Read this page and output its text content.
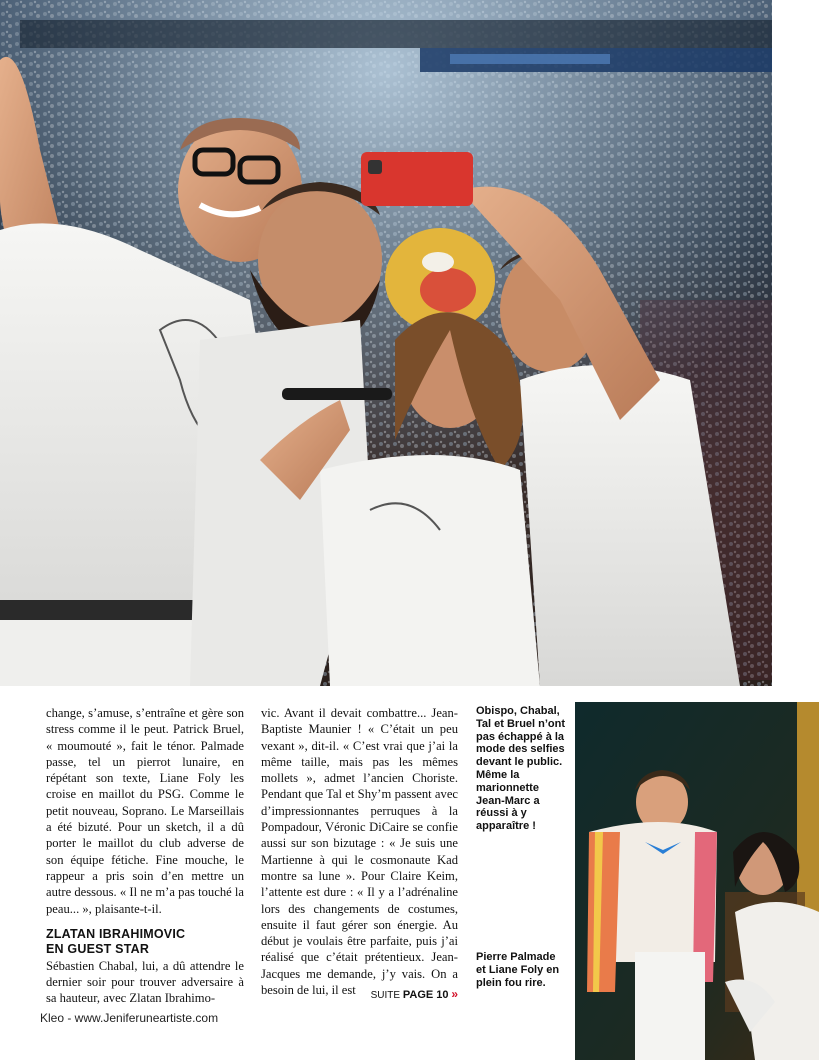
change, s’amuse, s’entraîne et gère son stress comme il le peut. Patrick Bruel, « moumouté », fait le ténor. Palmade passe, tel un pierrot lunaire, en répétant son texte, Liane Foly les croise en maillot du PSG. Comme le petit nouveau, Soprano. Le Marseillais a été bizuté. Pour un sketch, il a dû porter le maillot du club adverse de son équipe fétiche. Fine mouche, le rappeur a pris soin d’en mettre un autre dessous. « Il ne m’a pas touché la peau... », plaisante-t-il.

ZLATAN IBRAHIMOVIC
EN GUEST STAR

Sébastien Chabal, lui, a dû attendre le dernier soir pour trouver adversaire à sa hauteur, avec Zlatan Ibrahimo-

vic. Avant il devait combattre... Jean-Baptiste Maunier ! « C’était un peu vexant », dit-il. « C’est vrai que j’ai la même taille, mais pas les mêmes mollets », admet l’ancien Choriste. Pendant que Tal et Shy’m passent avec d’impressionnantes perruques à la Pompadour, Véronic DiCaire se confie aussi sur son bizutage : « Je suis une Martienne à qui le cosmonaute Kad montre sa lune ». Pour Claire Keim, l’attente est dure : « Il y a l’adrénaline lors des changements de costumes, ensuite il faut gérer son énergie. Au début je voulais être parfaite, puis j’ai réalisé que c’était prétentieux. Jean-Jacques me demande, j’y vais. On a besoin de lui, il est	SUITE PAGE 10 »
Obispo, Chabal, Tal et Bruel n’ont pas échappé à la mode des selfies devant le public. Même la marionnette Jean-Marc a réussi à y apparaître !
Pierre Palmade et Liane Foly en plein fou rire.
Kleo - www.Jeniferuneartiste.com
